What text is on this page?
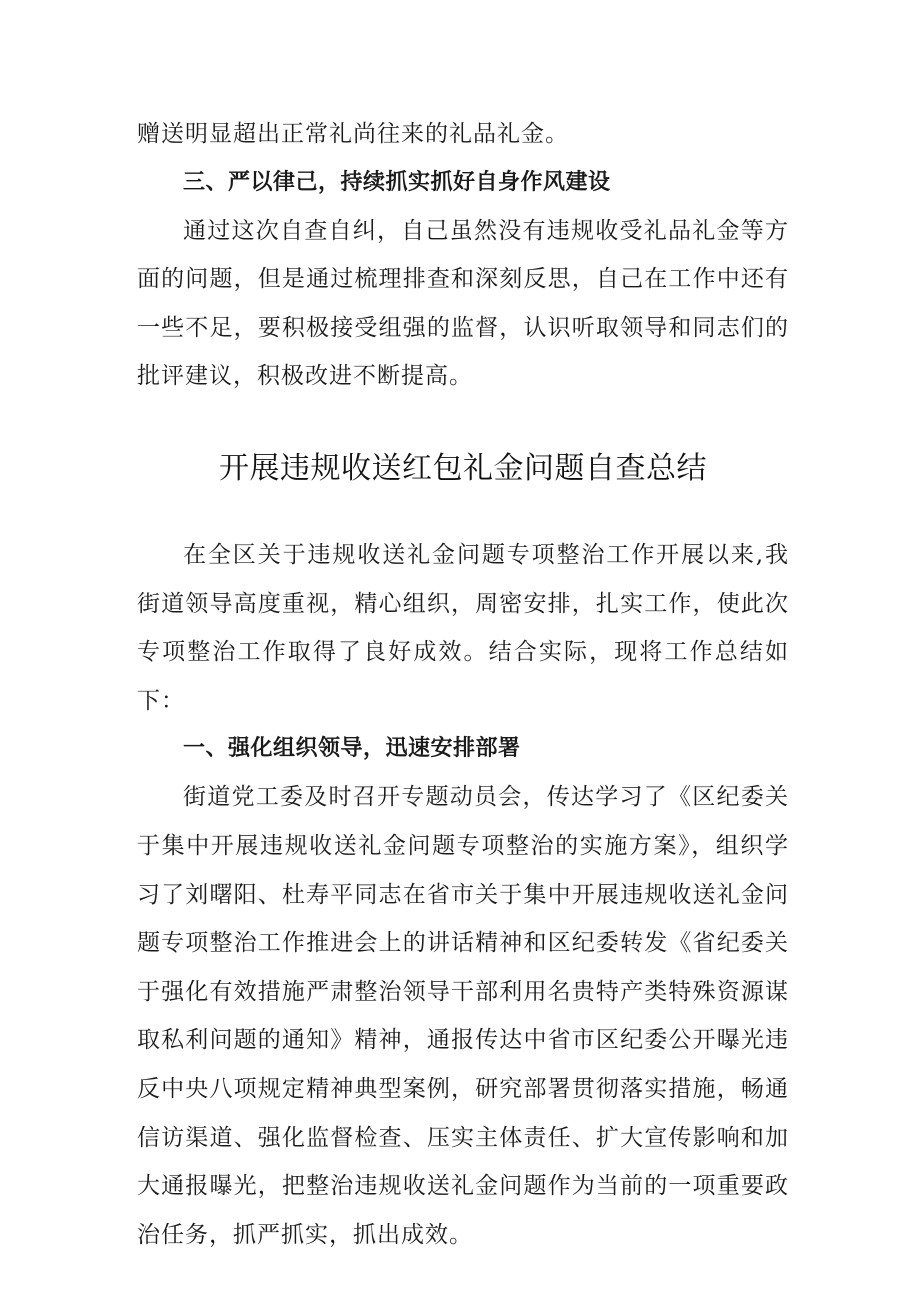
赠送明显超出正常礼尚往来的礼品礼金。

三、严以律己，持续抓实抓好自身作风建设

通过这次自查自纠，自己虽然没有违规收受礼品礼金等方面的问题，但是通过梳理排查和深刻反思，自己在工作中还有一些不足，要积极接受组强的监督，认识听取领导和同志们的批评建议，积极改进不断提高。

开展违规收送红包礼金问题自查总结

在全区关于违规收送礼金问题专项整治工作开展以来,我街道领导高度重视，精心组织，周密安排，扎实工作，使此次专项整治工作取得了良好成效。结合实际，现将工作总结如下：

一、强化组织领导，迅速安排部署

街道党工委及时召开专题动员会，传达学习了《区纪委关于集中开展违规收送礼金问题专项整治的实施方案》，组织学习了刘曙阳、杜寿平同志在省市关于集中开展违规收送礼金问题专项整治工作推进会上的讲话精神和区纪委转发《省纪委关于强化有效措施严肃整治领导干部利用名贵特产类特殊资源谋取私利问题的通知》精神，通报传达中省市区纪委公开曝光违反中央八项规定精神典型案例，研究部署贯彻落实措施，畅通信访渠道、强化监督检查、压实主体责任、扩大宣传影响和加大通报曝光，把整治违规收送礼金问题作为当前的一项重要政治任务，抓严抓实，抓出成效。
